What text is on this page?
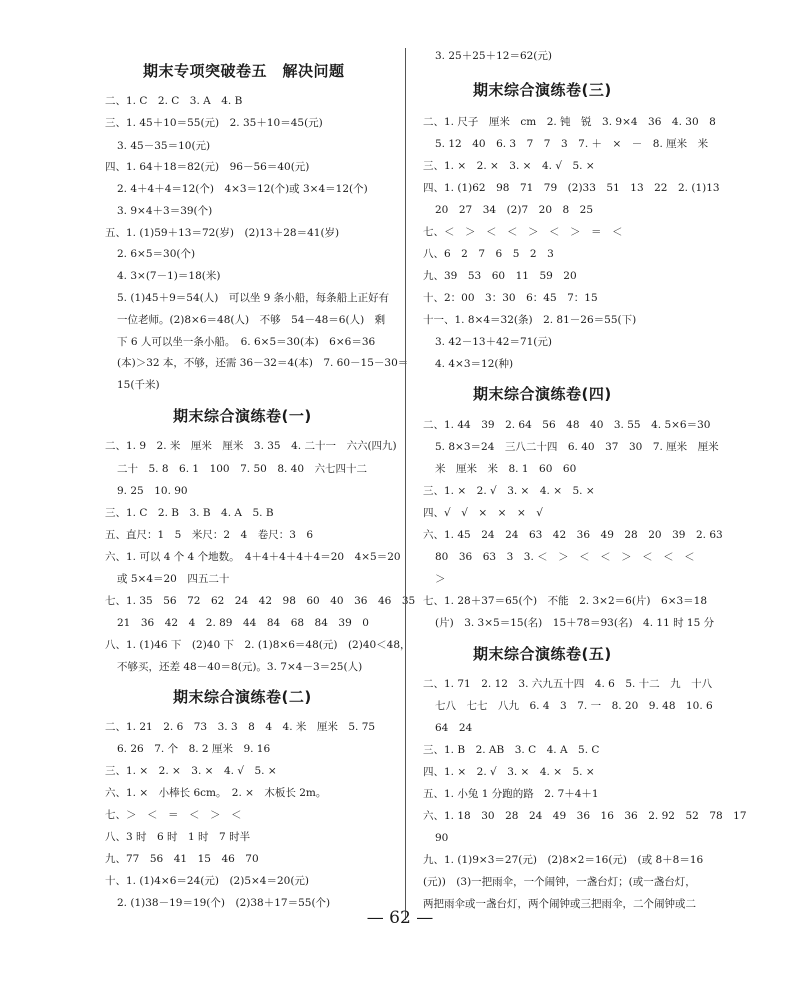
期末专项突破卷五　解决问题
二、1. C　2. C　3. A　4. B
三、1. 45＋10＝55(元)　2. 35＋10＝45(元)
3. 45－35＝10(元)
四、1. 64＋18＝82(元)　96－56＝40(元)
2. 4＋4＋4＝12(个)　4×3＝12(个)或 3×4＝12(个)
3. 9×4＋3＝39(个)
五、1. (1)59＋13＝72(岁)　(2)13＋28＝41(岁)
2. 6×5＝30(个)
4. 3×(7－1)＝18(米)
5. (1)45＋9＝54(人)　可以坐 9 条小船，每条船上正好有
一位老师。(2)8×6＝48(人)　不够　54－48＝6(人)　剩
下 6 人可以坐一条小船。　6. 6×5＝30(本)　6×6＝36
(本)＞32 本，不够，还需 36－32＝4(本)　7. 60－15－30＝
15(千米)
期末综合演练卷(一)
二、1. 9　2. 米　厘米　厘米　3. 35　4. 二十一　六六(四九)
二十　5. 8　6. 1　100　7. 50　8. 40　六七四十二
9. 25　10. 90
三、1. C　2. B　3. B　4. A　5. B
五、直尺：1　5　米尺：2　4　卷尺：3　6
六、1. 可以 4 个 4 个地数。　4＋4＋4＋4＋4＝20　4×5＝20
或 5×4＝20　四五二十
七、1. 35　56　72　62　24　42　98　60　40　36　46　35
21　36　42　4　2. 89　44　84　68　84　39　0
八、1. (1)46 下　(2)40 下　2. (1)8×6＝48(元)　(2)40＜48，
不够买，还差 48－40＝8(元)。3. 7×4－3＝25(人)
期末综合演练卷(二)
二、1. 21　2. 6　73　3. 3　8　4　4. 米　厘米　5. 75
6. 26　7. 个　8. 2 厘米　9. 16
三、1. ×　2. ×　3. ×　4. √　5. ×
六、1. ×　小棒长 6cm。　2. ×　木板长 2m。
七、＞　＜　＝　＜　＞　＜
八、3 时　6 时　1 时　7 时半
九、77　56　41　15　46　70
十、1. (1)4×6＝24(元)　(2)5×4＝20(元)
2. (1)38－19＝19(个)　(2)38＋17＝55(个)
3. 25＋25＋12＝62(元)
期末综合演练卷(三)
二、1. 尺子　厘米　cm　2. 钝　锐　3. 9×4　36　4. 30　8
5. 12　40　6. 3　7　7　3　7. ＋　×　－　8. 厘米　米
三、1. ×　2. ×　3. ×　4. √　5. ×
四、1. (1)62　98　71　79　(2)33　51　13　22　2. (1)13
20　27　34　(2)7　20　8　25
七、＜　＞　＜　＜　＞　＜　＞　＝　＜
八、6　2　7　6　5　2　3
九、39　53　60　11　59　20
十、2：00　3：30　6：45　7：15
十一、1. 8×4＝32(条)　2. 81－26＝55(下)
3. 42－13＋42＝71(元)
4. 4×3＝12(种)
期末综合演练卷(四)
二、1. 44　39　2. 64　56　48　40　3. 55　4. 5×6＝30
5. 8×3＝24　三八二十四　6. 40　37　30　7. 厘米　厘米
米　厘米　米　8. 1　60　60
三、1. ×　2. √　3. ×　4. ×　5. ×
四、√　√　×　×　×　√
六、1. 45　24　24　63　42　36　49　28　20　39　2. 63
80　36　63　3　3. ＜　＞　＜　＜　＞　＜　＜　＜
＞
七、1. 28＋37＝65(个)　不能　2. 3×2＝6(片)　6×3＝18
(片)　3. 3×5＝15(名)　15＋78＝93(名)　4. 11 时 15 分
期末综合演练卷(五)
二、1. 71　2. 12　3. 六九五十四　4. 6　5. 十二　九　十八
七八　七七　八九　6. 4　3　7. 一　8. 20　9. 48　10. 6
64　24
三、1. B　2. AB　3. C　4. A　5. C
四、1. ×　2. √　3. ×　4. ×　5. ×
五、1. 小兔 1 分跑的路　2. 7＋4＋1
六、1. 18　30　28　24　49　36　16　36　2. 92　52　78　17
90
九、1. (1)9×3＝27(元)　(2)8×2＝16(元)　(或 8＋8＝16
(元))　(3)一把雨伞，一个闹钟，一盏台灯；(或一盏台灯，
两把雨伞或一盏台灯，两个闹钟或三把雨伞，二个闹钟或二
— 62 —
